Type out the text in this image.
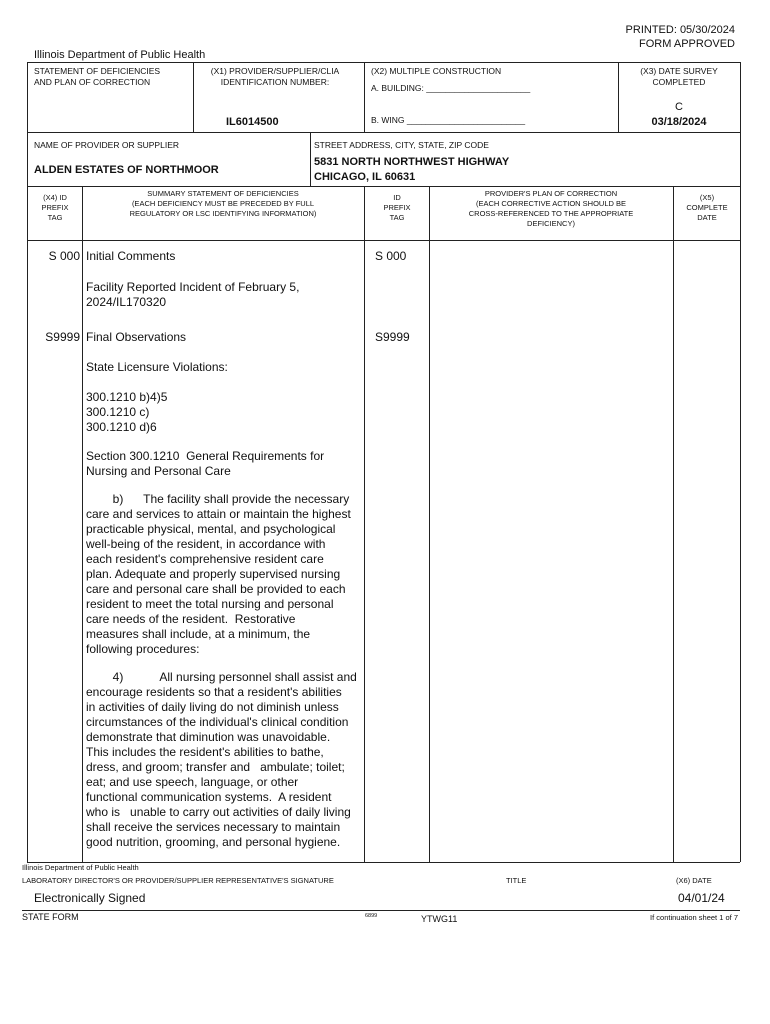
PRINTED: 05/30/2024
FORM APPROVED
Illinois Department of Public Health
STATEMENT OF DEFICIENCIES
AND PLAN OF CORRECTION
(X1) PROVIDER/SUPPLIER/CLIA
IDENTIFICATION NUMBER:
IL6014500
(X2) MULTIPLE CONSTRUCTION
A. BUILDING: ______________________
B. WING _________________________
(X3) DATE SURVEY
COMPLETED
C
03/18/2024
NAME OF PROVIDER OR SUPPLIER
ALDEN ESTATES OF NORTHMOOR
STREET ADDRESS, CITY, STATE, ZIP CODE
5831 NORTH NORTHWEST HIGHWAY
CHICAGO, IL 60631
(X4) ID
PREFIX
TAG
SUMMARY STATEMENT OF DEFICIENCIES
(EACH DEFICIENCY MUST BE PRECEDED BY FULL
REGULATORY OR LSC IDENTIFYING INFORMATION)
ID
PREFIX
TAG
PROVIDER'S PLAN OF CORRECTION
(EACH CORRECTIVE ACTION SHOULD BE
CROSS-REFERENCED TO THE APPROPRIATE
DEFICIENCY)
(X5)
COMPLETE
DATE
S 000 Initial Comments	S 000
Facility Reported Incident of February 5,
2024/IL170320
S9999 Final Observations	S9999
State Licensure Violations:
300.1210 b)4)5
300.1210 c)
300.1210 d)6
Section 300.1210  General Requirements for
Nursing and Personal Care
b)      The facility shall provide the necessary
care and services to attain or maintain the highest
practicable physical, mental, and psychological
well-being of the resident, in accordance with
each resident's comprehensive resident care
plan. Adequate and properly supervised nursing
care and personal care shall be provided to each
resident to meet the total nursing and personal
care needs of the resident.  Restorative
measures shall include, at a minimum, the
following procedures:
4)           All nursing personnel shall assist and
encourage residents so that a resident's abilities
in activities of daily living do not diminish unless
circumstances of the individual's clinical condition
demonstrate that diminution was unavoidable.
This includes the resident's abilities to bathe,
dress, and groom; transfer and   ambulate; toilet;
eat; and use speech, language, or other
functional communication systems.  A resident
who is   unable to carry out activities of daily living
shall receive the services necessary to maintain
good nutrition, grooming, and personal hygiene.
Illinois Department of Public Health
LABORATORY DIRECTOR'S OR PROVIDER/SUPPLIER REPRESENTATIVE'S SIGNATURE	TITLE	(X6) DATE
Electronically Signed	04/01/24
STATE FORM	6899	YTWG11	If continuation sheet 1 of 7
